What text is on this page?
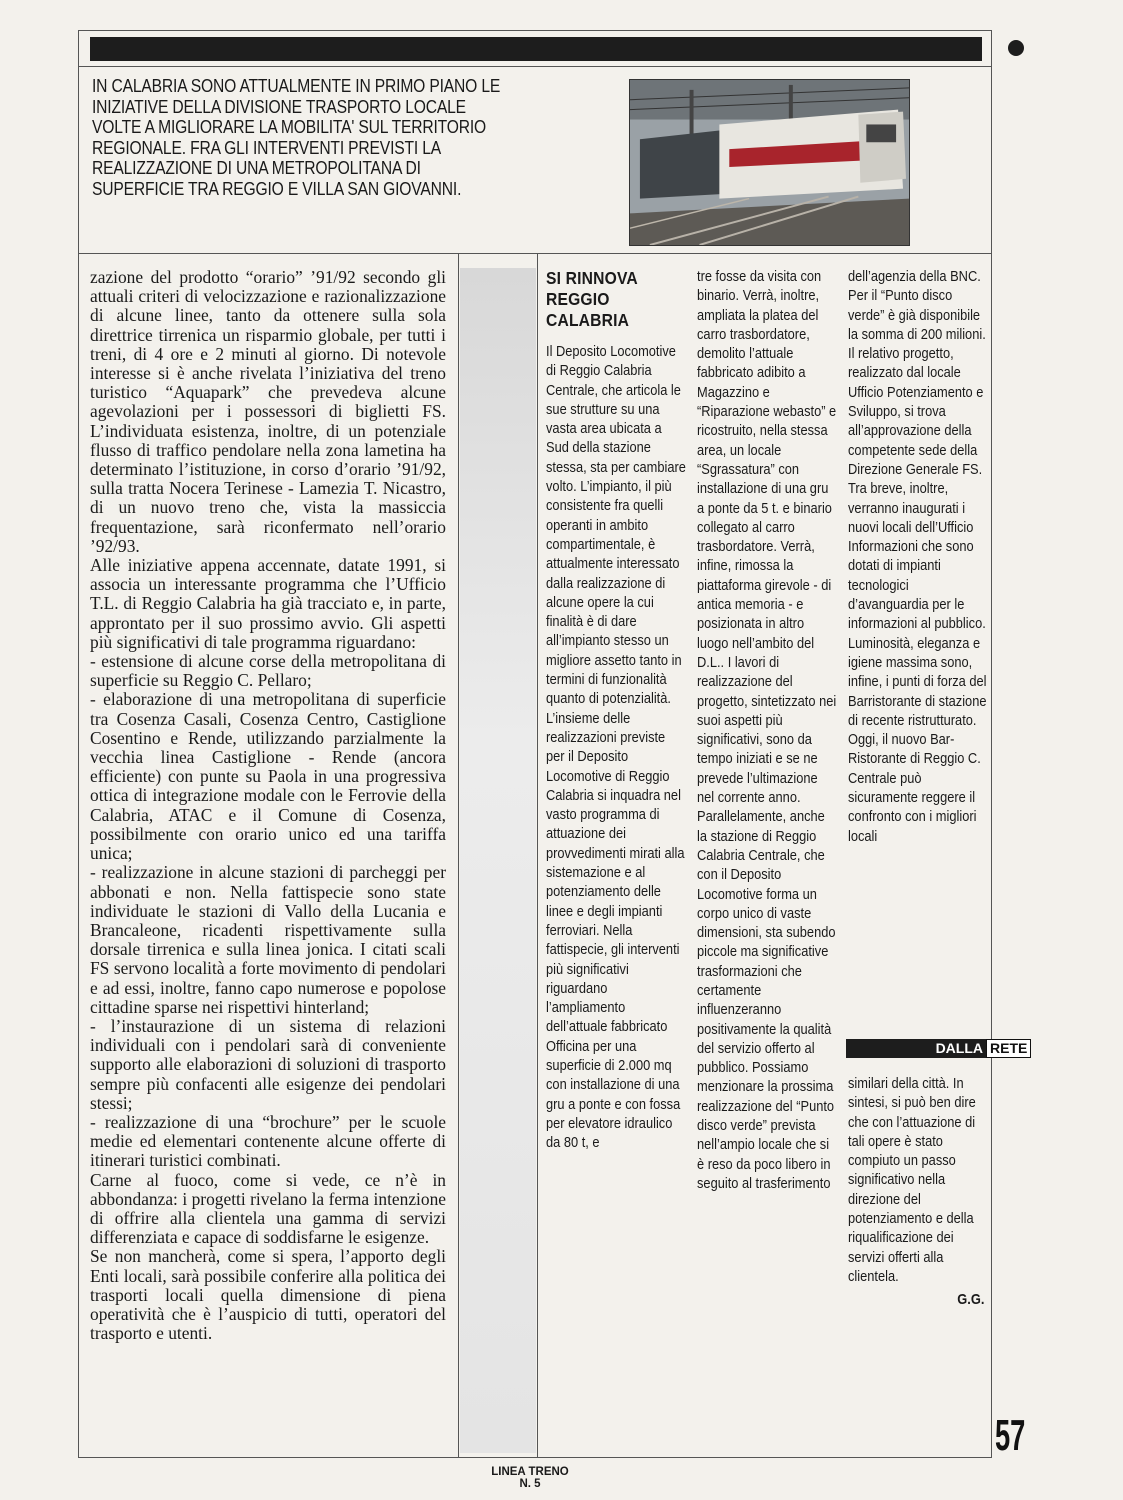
IN CALABRIA SONO ATTUALMENTE IN PRIMO PIANO LE INIZIATIVE DELLA DIVISIONE TRASPORTO LOCALE VOLTE A MIGLIORARE LA MOBILITA' SUL TERRITORIO REGIONALE. FRA GLI INTERVENTI PREVISTI LA REALIZZAZIONE DI UNA METROPOLITANA DI SUPERFICIE TRA REGGIO E VILLA SAN GIOVANNI.

zazione del prodotto “orario” ’91/92 secondo gli attuali criteri di velocizzazione e razionalizzazione di alcune linee, tanto da ottenere sulla sola direttrice tirrenica un risparmio globale, per tutti i treni, di 4 ore e 2 minuti al giorno. Di notevole interesse si è anche rivelata l’iniziativa del treno turistico “Aquapark” che prevedeva alcune agevolazioni per i possessori di biglietti FS. L’individuata esistenza, inoltre, di un potenziale flusso di traffico pendolare nella zona lametina ha determinato l’istituzione, in corso d’orario ’91/92, sulla tratta Nocera Terinese - Lamezia T. Nicastro, di un nuovo treno che, vista la massiccia frequentazione, sarà riconfermato nell’orario ’92/93.

Alle iniziative appena accennate, datate 1991, si associa un interessante programma che l’Ufficio T.L. di Reggio Calabria ha già tracciato e, in parte, approntato per il suo prossimo avvio. Gli aspetti più significativi di tale programma riguardano:

- estensione di alcune corse della metropolitana di superficie su Reggio C. Pellaro;

- elaborazione di una metropolitana di superficie tra Cosenza Casali, Cosenza Centro, Castiglione Cosentino e Rende, utilizzando parzialmente la vecchia linea Castiglione - Rende (ancora efficiente) con punte su Paola in una progressiva ottica di integrazione modale con le Ferrovie della Calabria, ATAC e il Comune di Cosenza, possibilmente con orario unico ed una tariffa unica;

- realizzazione in alcune stazioni di parcheggi per abbonati e non. Nella fattispecie sono state individuate le stazioni di Vallo della Lucania e Brancaleone, ricadenti rispettivamente sulla dorsale tirrenica e sulla linea jonica. I citati scali FS servono località a forte movimento di pendolari e ad essi, inoltre, fanno capo numerose e popolose cittadine sparse nei rispettivi hinterland;

- l’instaurazione di un sistema di relazioni individuali con i pendolari sarà di conveniente supporto alle elaborazioni di soluzioni di trasporto sempre più confacenti alle esigenze dei pendolari stessi;

- realizzazione di una “brochure” per le scuole medie ed elementari contenente alcune offerte di itinerari turistici combinati.

Carne al fuoco, come si vede, ce n’è in abbondanza: i progetti rivelano la ferma intenzione di offrire alla clientela una gamma di servizi differenziata e capace di soddisfarne le esigenze.

Se non mancherà, come si spera, l’apporto degli Enti locali, sarà possibile conferire alla politica dei trasporti locali quella dimensione di piena operatività che è l’auspicio di tutti, operatori del trasporto e utenti.

SI RINNOVA REGGIO CALABRIA

Il Deposito Locomotive di Reggio Calabria Centrale, che articola le sue strutture su una vasta area ubicata a Sud della stazione stessa, sta per cambiare volto. L’impianto, il più consistente fra quelli operanti in ambito compartimentale, è attualmente interessato dalla realizzazione di alcune opere la cui finalità è di dare all’impianto stesso un migliore assetto tanto in termini di funzionalità quanto di potenzialità. L’insieme delle realizzazioni previste per il Deposito Locomotive di Reggio Calabria si inquadra nel vasto programma di attuazione dei provvedimenti mirati alla sistemazione e al potenziamento delle linee e degli impianti ferroviari. Nella fattispecie, gli interventi più significativi riguardano l’ampliamento dell’attuale fabbricato Officina per una superficie di 2.000 mq con installazione di una gru a ponte e con fossa per elevatore idraulico da 80 t, e

tre fosse da visita con binario. Verrà, inoltre, ampliata la platea del carro trasbordatore, demolito l’attuale fabbricato adibito a Magazzino e “Riparazione webasto” e ricostruito, nella stessa area, un locale “Sgrassatura” con installazione di una gru a ponte da 5 t. e binario collegato al carro trasbordatore. Verrà, infine, rimossa la piattaforma girevole - di antica memoria - e posizionata in altro luogo nell’ambito del D.L.. I lavori di realizzazione del progetto, sintetizzato nei suoi aspetti più significativi, sono da tempo iniziati e se ne prevede l’ultimazione nel corrente anno. Parallelamente, anche la stazione di Reggio Calabria Centrale, che con il Deposito Locomotive forma un corpo unico di vaste dimensioni, sta subendo piccole ma significative trasformazioni che certamente influenzeranno positivamente la qualità del servizio offerto al pubblico. Possiamo menzionare la prossima realizzazione del “Punto disco verde” prevista nell’ampio locale che si è reso da poco libero in seguito al trasferimento

dell’agenzia della BNC. Per il “Punto disco verde” è già disponibile la somma di 200 milioni. Il relativo progetto, realizzato dal locale Ufficio Potenziamento e Sviluppo, si trova all’approvazione della competente sede della Direzione Generale FS. Tra breve, inoltre, verranno inaugurati i nuovi locali dell’Ufficio Informazioni che sono dotati di impianti tecnologici d’avanguardia per le informazioni al pubblico. Luminosità, eleganza e igiene massima sono, infine, i punti di forza del Barristorante di stazione di recente ristrutturato. Oggi, il nuovo Bar-Ristorante di Reggio C. Centrale può sicuramente reggere il confronto con i migliori locali

DALLA RETE

similari della città. In sintesi, si può ben dire che con l’attuazione di tali opere è stato compiuto un passo significativo nella direzione del potenziamento e della riqualificazione dei servizi offerti alla clientela.

G.G.
57
LINEA TRENO
N. 5
